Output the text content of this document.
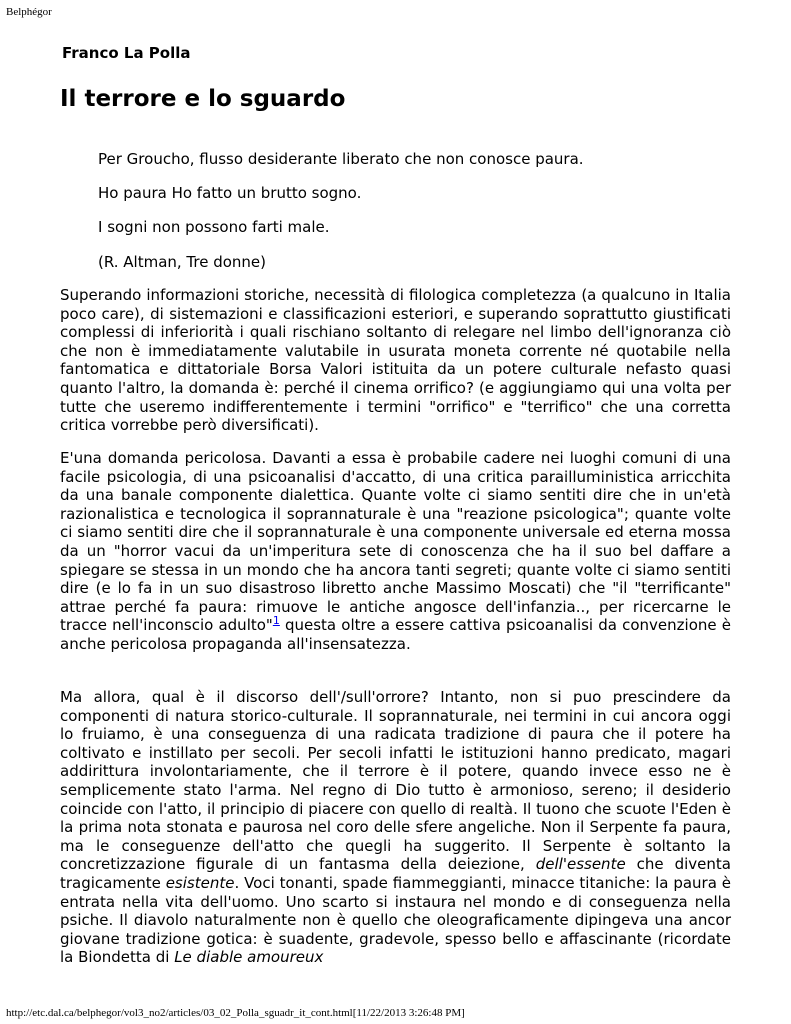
Belphégor
Franco La Polla
Il terrore e lo sguardo

Per Groucho, flusso desiderante liberato che non conosce paura.

Ho paura Ho fatto un brutto sogno.

I sogni non possono farti male.

(R. Altman, Tre donne)

Superando informazioni storiche, necessità di filologica completezza (a qualcuno in Italia poco care), di sistemazioni e classificazioni esteriori, e superando soprattutto giustificati complessi di inferiorità i quali rischiano soltanto di relegare nel limbo dell'ignoranza ciò che non è immediatamente valutabile in usurata moneta corrente né quotabile nella fantomatica e dittatoriale Borsa Valori istituita da un potere culturale nefasto quasi quanto l'altro, la domanda è: perché il cinema orrifico? (e aggiungiamo qui una volta per tutte che useremo indifferentemente i termini "orrifico" e "terrifico" che una corretta critica vorrebbe però diversificati).

E'una domanda pericolosa. Davanti a essa è probabile cadere nei luoghi comuni di una facile psicologia, di una psicoanalisi d'accatto, di una critica parailluministica arricchita da una banale componente dialettica. Quante volte ci siamo sentiti dire che in un'età razionalistica e tecnologica il soprannaturale è una "reazione psicologica"; quante volte ci siamo sentiti dire che il soprannaturale è una componente universale ed eterna mossa da un "horror vacui da un'imperitura sete di conoscenza che ha il suo bel daffare a spiegare se stessa in un mondo che ha ancora tanti segreti; quante volte ci siamo sentiti dire (e lo fa in un suo disastroso libretto anche Massimo Moscati) che "il "terrificante" attrae perché fa paura: rimuove le antiche angosce dell'infanzia.., per ricercarne le tracce nell'inconscio adulto"$^1$ questa oltre a essere cattiva psicoanalisi da convenzione è anche pericolosa propaganda all'insensatezza.

Ma allora, qual è il discorso dell'/sull'orrore? Intanto, non si puo prescindere da componenti di natura storico-culturale. Il soprannaturale, nei termini in cui ancora oggi lo fruiamo, è una conseguenza di una radicata tradizione di paura che il potere ha coltivato e instillato per secoli. Per secoli infatti le istituzioni hanno predicato, magari addirittura involontariamente, che il terrore è il potere, quando invece esso ne è semplicemente stato l'arma. Nel regno di Dio tutto è armonioso, sereno; il desiderio coincide con l'atto, il principio di piacere con quello di realtà. Il tuono che scuote l'Eden è la prima nota stonata e paurosa nel coro delle sfere angeliche. Non il Serpente fa paura, ma le conseguenze dell'atto che quegli ha suggerito. Il Serpente è soltanto la concretizzazione figurale di un fantasma della deiezione, dell'essente che diventa tragicamente esistente. Voci tonanti, spade fiammeggianti, minacce titaniche: la paura è entrata nella vita dell'uomo. Uno scarto si instaura nel mondo e di conseguenza nella psiche. Il diavolo naturalmente non è quello che oleograficamente dipingeva una ancor giovane tradizione gotica: è suadente, gradevole, spesso bello e affascinante (ricordate la Biondetta di Le diable amoureux

http://etc.dal.ca/belphegor/vol3_no2/articles/03_02_Polla_sguadr_it_cont.html[11/22/2013 3:26:48 PM]
